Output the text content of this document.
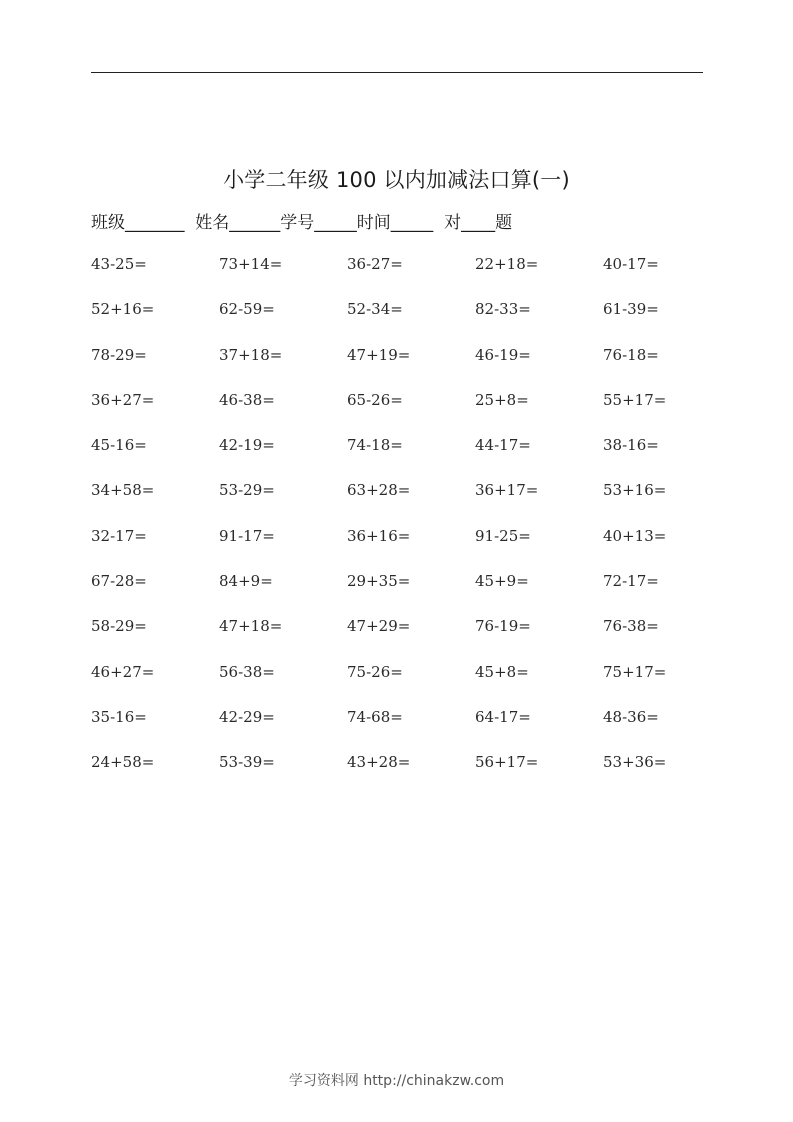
小学二年级 100 以内加减法口算(一)
班级_______  姓名______学号_____时间_____  对____题
43-25=	73+14=	36-27=	22+18=	40-17=
52+16=	62-59=	52-34=	82-33=	61-39=
78-29=	37+18=	47+19=	46-19=	76-18=
36+27=	46-38=	65-26=	25+8=	55+17=
45-16=	42-19=	74-18=	44-17=	38-16=
34+58=	53-29=	63+28=	36+17=	53+16=
32-17=	91-17=	36+16=	91-25=	40+13=
67-28=	84+9=	29+35=	45+9=	72-17=
58-29=	47+18=	47+29=	76-19=	76-38=
46+27=	56-38=	75-26=	45+8=	75+17=
35-16=	42-29=	74-68=	64-17=	48-36=
24+58=	53-39=	43+28=	56+17=	53+36=
学习资料网 http://chinakzw.com
